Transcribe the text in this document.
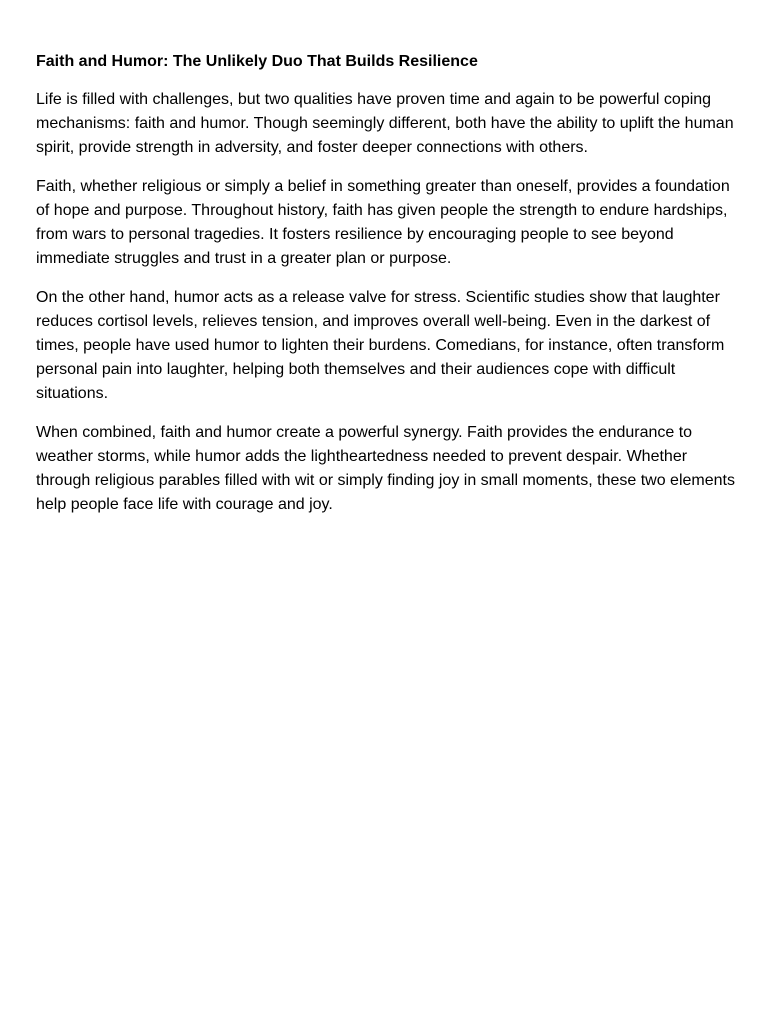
Faith and Humor: The Unlikely Duo That Builds Resilience

Life is filled with challenges, but two qualities have proven time and again to be powerful coping mechanisms: faith and humor. Though seemingly different, both have the ability to uplift the human spirit, provide strength in adversity, and foster deeper connections with others.

Faith, whether religious or simply a belief in something greater than oneself, provides a foundation of hope and purpose. Throughout history, faith has given people the strength to endure hardships, from wars to personal tragedies. It fosters resilience by encouraging people to see beyond immediate struggles and trust in a greater plan or purpose.

On the other hand, humor acts as a release valve for stress. Scientific studies show that laughter reduces cortisol levels, relieves tension, and improves overall well-being. Even in the darkest of times, people have used humor to lighten their burdens. Comedians, for instance, often transform personal pain into laughter, helping both themselves and their audiences cope with difficult situations.

When combined, faith and humor create a powerful synergy. Faith provides the endurance to weather storms, while humor adds the lightheartedness needed to prevent despair. Whether through religious parables filled with wit or simply finding joy in small moments, these two elements help people face life with courage and joy.
